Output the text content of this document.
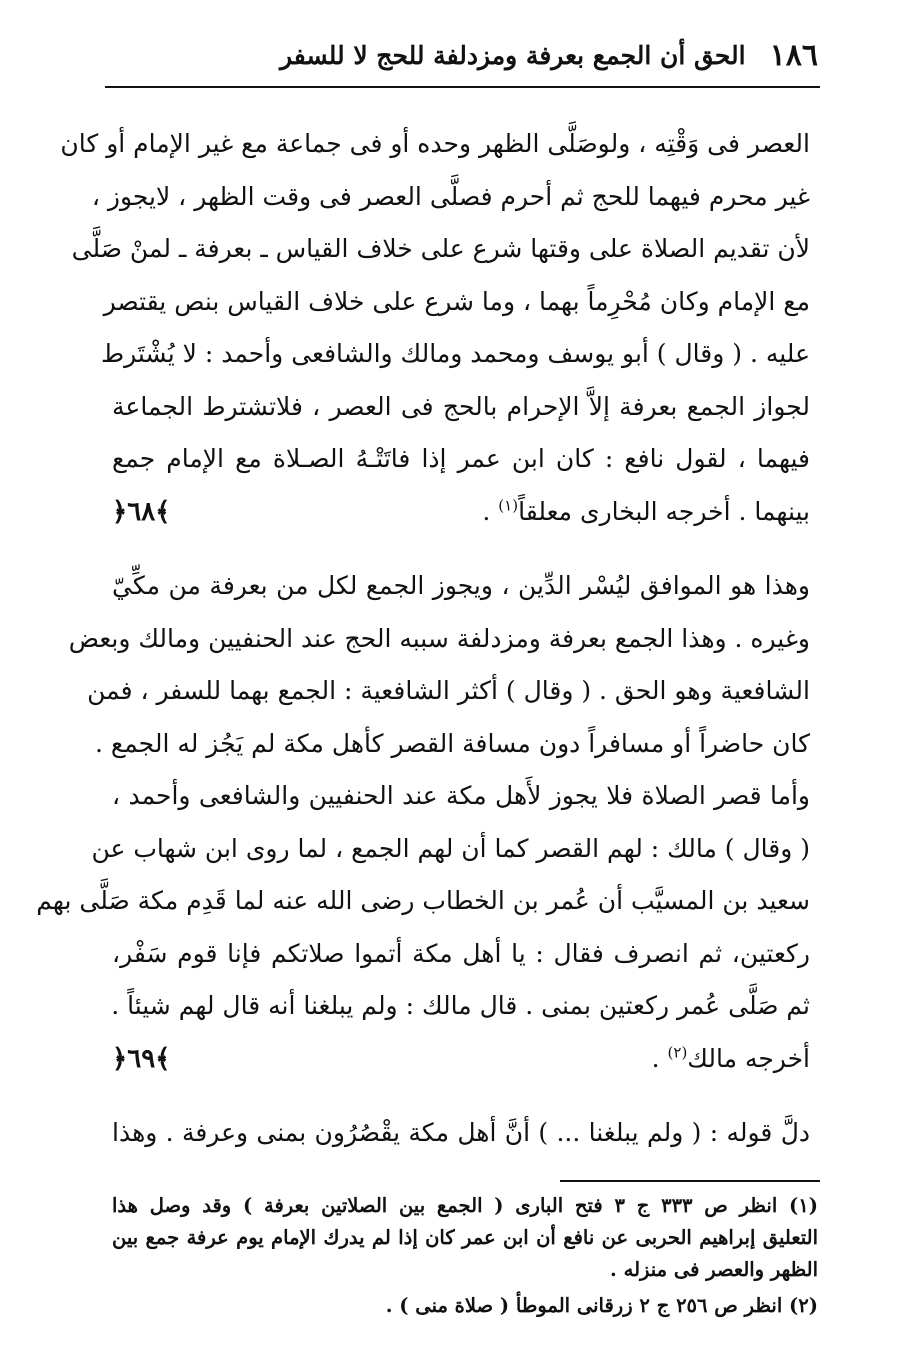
١٨٦
الحق أن الجمع بعرفة ومزدلفة للحج لا للسفر
العصر فى وَقْتِه ، ولوصَلَّى الظهر وحده أو فى جماعة مع غير الإمام أو كان
غير محرم فيهما للحج ثم أحرم فصلَّى العصر فى وقت الظهر ، لايجوز ،
لأن تقديم الصلاة على وقتها شرع على خلاف القياس ـ بعرفة ـ لمنْ صَلَّى
مع الإمام وكان مُحْرِماً بهما ، وما شرع على خلاف القياس بنص يقتصر
عليه . ( وقال ) أبو يوسف ومحمد ومالك والشافعى وأحمد : لا يُشْتَرط
لجواز الجمع بعرفة إلاَّ الإحرام بالحج فى العصر ، فلاتشترط الجماعة
فيهما ، لقول نافع : كان ابن عمر إذا فاتَتْـهُ الصـلاة مع الإمام جمع
بينهما . أخرجه البخارى معلقاً$^{(١)}$ .
﴿٦٨﴾
وهذا هو الموافق ليُسْر الدِّين ، ويجوز الجمع لكل من بعرفة من مكِّيّ
وغيره . وهذا الجمع بعرفة ومزدلفة سببه الحج عند الحنفيين ومالك وبعض
الشافعية وهو الحق . ( وقال ) أكثر الشافعية : الجمع بهما للسفر ، فمن
كان حاضراً أو مسافراً دون مسافة القصر كأهل مكة لم يَجُز له الجمع .
وأما قصر الصلاة فلا يجوز لأَهل مكة عند الحنفيين والشافعى وأحمد ،
( وقال ) مالك : لهم القصر كما أن لهم الجمع ، لما روى ابن شهاب عن
سعيد بن المسيَّب أن عُمر بن الخطاب رضى الله عنه لما قَدِم مكة صَلَّى بهم
ركعتين، ثم انصرف فقال : يا أهل مكة أتموا صلاتكم فإنا قوم سَفْر،
ثم صَلَّى عُمر ركعتين بمنى . قال مالك : ولم يبلغنا أنه قال لهم شيئاً .
أخرجه مالك$^{(٢)}$ .
﴿٦٩﴾
دلَّ قوله : ( ولم يبلغنا ... ) أنَّ أهل مكة يقْصُرُون بمنى وعرفة . وهذا
(١) انظر ص ٣٣٣ ج ٣ فتح البارى ( الجمع بين الصلاتين بعرفة ) وقد وصل هذا
التعليق إبراهيم الحربى عن نافع أن ابن عمر كان إذا لم يدرك الإمام يوم عرفة جمع بين
الظهر والعصر فى منزله .
(٢) انظر ص ٢٥٦ ج ٢ زرقانى الموطأ ( صلاة منى ) .
